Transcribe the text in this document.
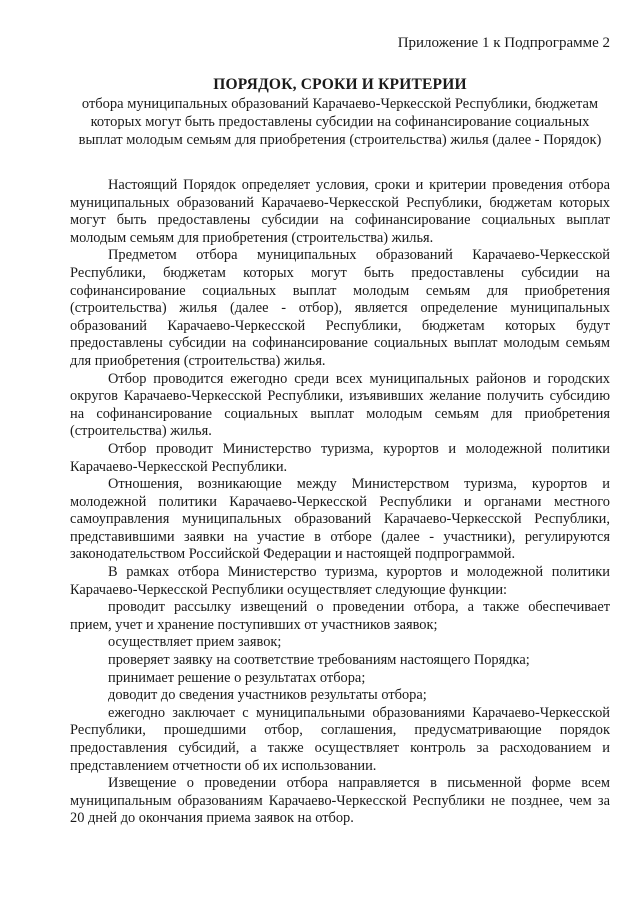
Приложение 1 к Подпрограмме 2
ПОРЯДОК, СРОКИ И КРИТЕРИИ
отбора муниципальных образований Карачаево-Черкесской Республики, бюджетам которых могут быть предоставлены субсидии на софинансирование социальных выплат молодым семьям для приобретения (строительства) жилья (далее - Порядок)

Настоящий Порядок определяет условия, сроки и критерии проведения отбора муниципальных образований Карачаево-Черкесской Республики, бюджетам которых могут быть предоставлены субсидии на софинансирование социальных выплат молодым семьям для приобретения (строительства) жилья.

Предметом отбора муниципальных образований Карачаево-Черкесской Республики, бюджетам которых могут быть предоставлены субсидии на софинансирование социальных выплат молодым семьям для приобретения (строительства) жилья (далее - отбор), является определение муниципальных образований Карачаево-Черкесской Республики, бюджетам которых будут предоставлены субсидии на софинансирование социальных выплат молодым семьям для приобретения (строительства) жилья.

Отбор проводится ежегодно среди всех муниципальных районов и городских округов Карачаево-Черкесской Республики, изъявивших желание получить субсидию на софинансирование социальных выплат молодым семьям для приобретения (строительства) жилья.

Отбор проводит Министерство туризма, курортов и молодежной политики Карачаево-Черкесской Республики.

Отношения, возникающие между Министерством туризма, курортов и молодежной политики Карачаево-Черкесской Республики и органами местного самоуправления муниципальных образований Карачаево-Черкесской Республики, представившими заявки на участие в отборе (далее - участники), регулируются законодательством Российской Федерации и настоящей подпрограммой.

В рамках отбора Министерство туризма, курортов и молодежной политики Карачаево-Черкесской Республики осуществляет следующие функции:

проводит рассылку извещений о проведении отбора, а также обеспечивает прием, учет и хранение поступивших от участников заявок;

осуществляет прием заявок;

проверяет заявку на соответствие требованиям настоящего Порядка;

принимает решение о результатах отбора;

доводит до сведения участников результаты отбора;

ежегодно заключает с муниципальными образованиями Карачаево-Черкесской Республики, прошедшими отбор, соглашения, предусматривающие порядок предоставления субсидий, а также осуществляет контроль за расходованием и представлением отчетности об их использовании.

Извещение о проведении отбора направляется в письменной форме всем муниципальным образованиям Карачаево-Черкесской Республики не позднее, чем за 20 дней до окончания приема заявок на отбор.
